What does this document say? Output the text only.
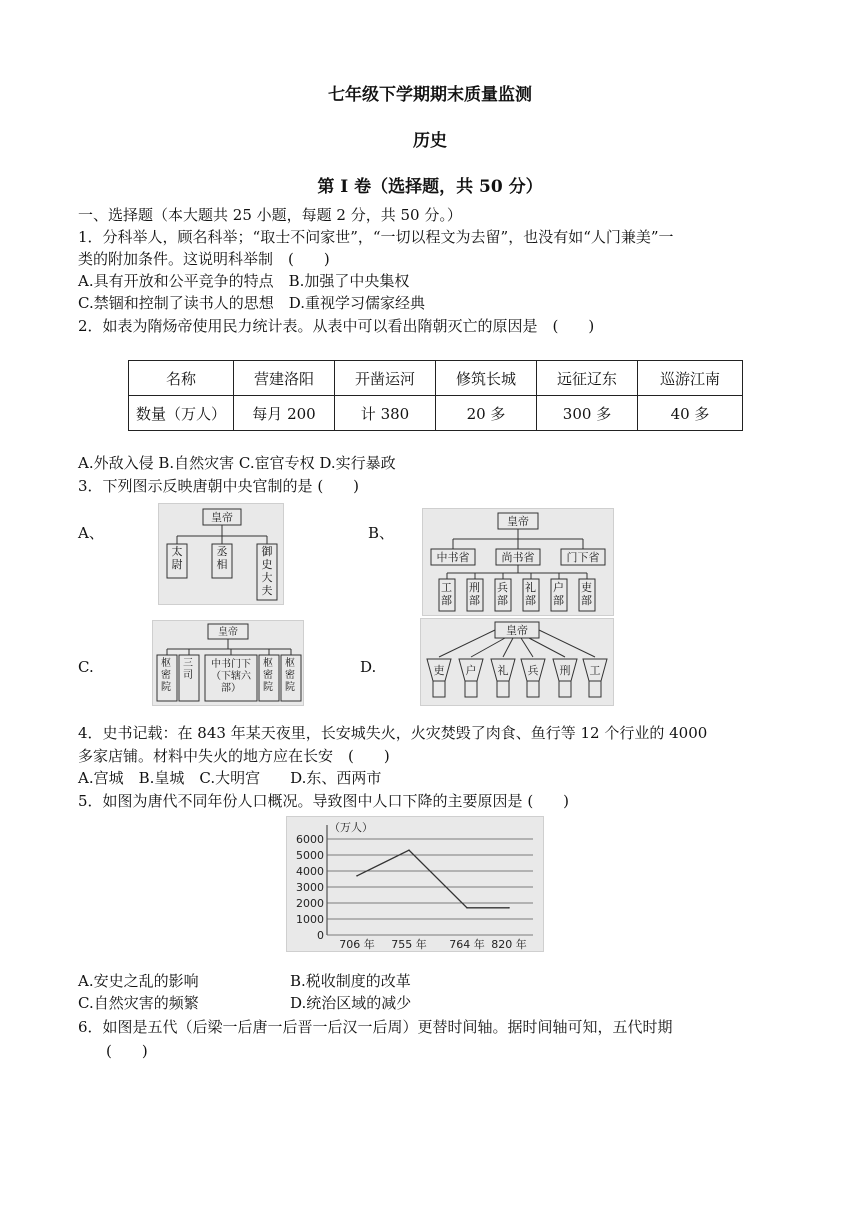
七年级下学期期末质量监测
历史
第 I 卷（选择题，共 50 分）
一、选择题（本大题共 25 小题，每题 2 分，共 50 分。）
1．分科举人，顾名科举；“取士不问家世”，“一切以程文为去留”，也没有如“人门兼美”一
类的附加条件。这说明科举制　(　　)
A.具有开放和公平竞争的特点　B.加强了中央集权
C.禁锢和控制了读书人的思想　D.重视学习儒家经典
2．如表为隋炀帝使用民力统计表。从表中可以看出隋朝灭亡的原因是　(　　)
名称	营建洛阳	开凿运河	修筑长城	远征辽东	巡游江南
数量（万人）	每月 200	计 380	20 多	300 多	40 多
A.外敌入侵 B.自然灾害 C.宦官专权 D.实行暴政
3．下列图示反映唐朝中央官制的是 (　　)
A、
皇帝
太尉
丞相
御史大夫
B、
皇帝
中书省	尚书省	门下省
工部
刑部
兵部
礼部
户部
吏部
C.
皇帝
枢密院
三司
中书门下（下辖六部）
枢密院
枢密院
D.
皇帝
吏 户 礼 兵 刑 工
4．史书记载：在 843 年某天夜里，长安城失火，火灾焚毁了肉食、鱼行等 12 个行业的 4000
多家店铺。材料中失火的地方应在长安　(　　)
A.宫城　B.皇城　C.大明宫　　D.东、西两市
5．如图为唐代不同年份人口概况。导致图中人口下降的主要原因是 (　　)
6000
5000
4000
3000
2000
1000
0
（万人）
706 年 755 年 764 年 820 年
A.安史之乱的影响	B.税收制度的改革
C.自然灾害的频繁	D.统治区域的减少
6．如图是五代（后梁一后唐一后晋一后汉一后周）更替时间轴。据时间轴可知，五代时期
(　　)
